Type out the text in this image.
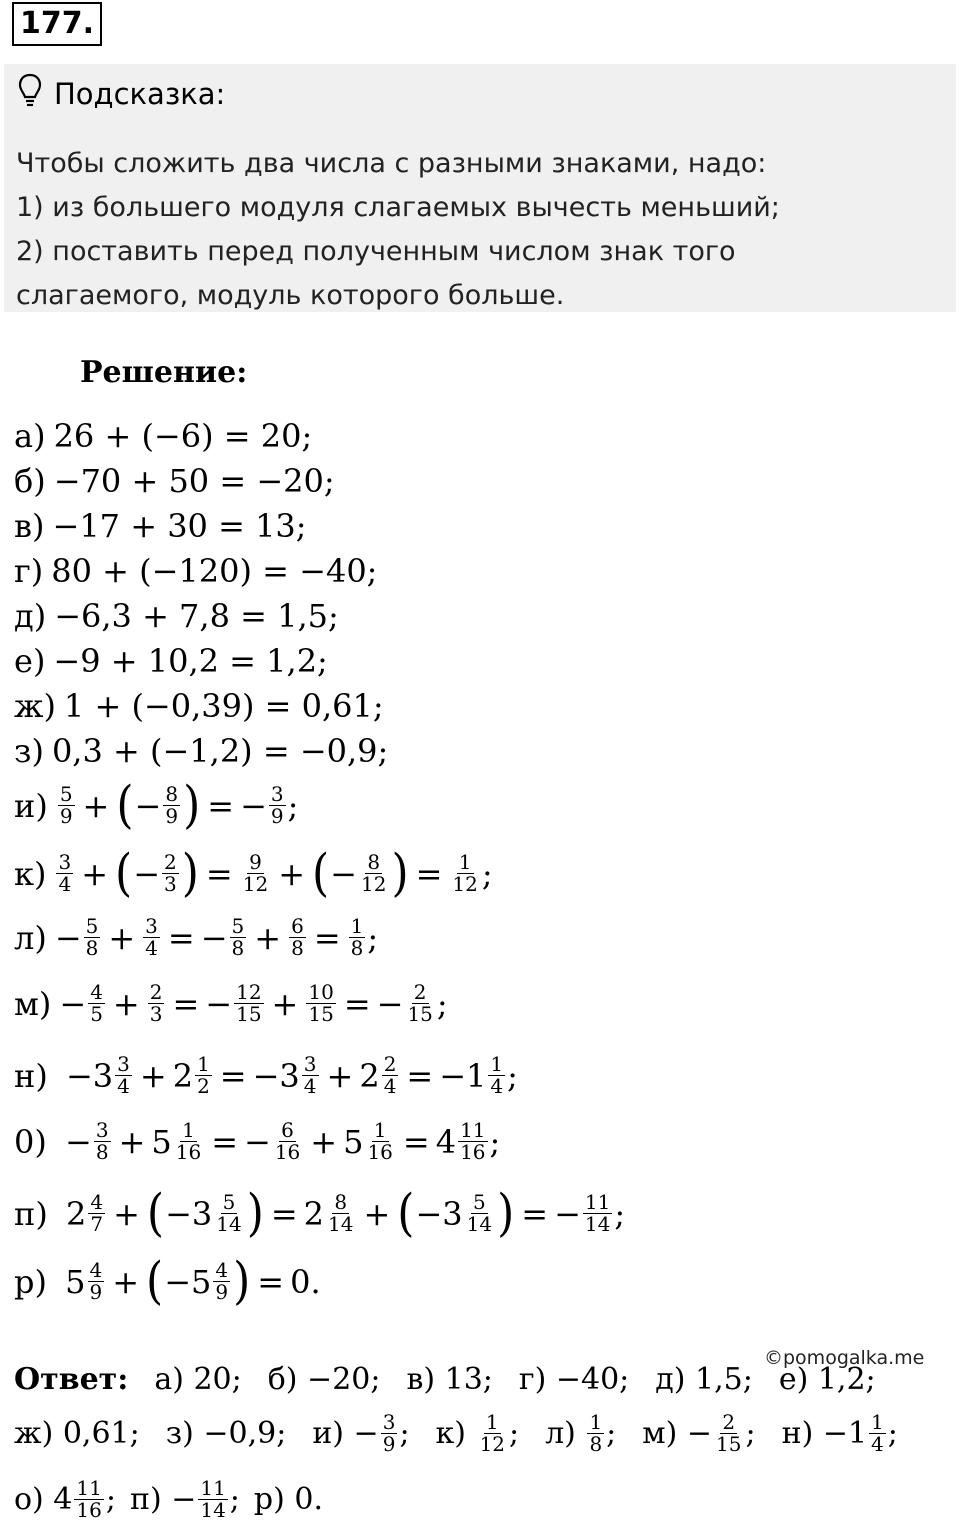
177.
Подсказка:
Чтобы сложить два числа с разными знаками, надо:
1) из большего модуля слагаемых вычесть меньший;
2) поставить перед полученным числом знак того
слагаемого, модуль которого больше.
Решение:
а) 26 + (−6) = 20;
б) −70 + 50 = −20;
в) −17 + 30 = 13;
г) 80 + (−120) = −40;
д) −6,3 + 7,8 = 1,5;
е) −9 + 10,2 = 1,2;
ж) 1 + (−0,39) = 0,61;
з) 0,3 + (−1,2) = −0,9;
$и) \frac{5}{9}$ + ( − $\frac{8}{9}$ ) = − $\frac{3}{9}$ ;
$к) \frac{3}{4}$ + ( − $\frac{2}{3}$ ) = $\frac{9}{12}$ + ( − $\frac{8}{12}$ ) = $\frac{1}{12}$ ;
$л) - \frac{5}{8} + \frac{3}{4}$ = − $\frac{5}{8} + \frac{6}{8} = \frac{1}{8}$ ;
$м) - \frac{4}{5} + \frac{2}{3}$ = − $\frac{12}{15} + \frac{10}{15}$ = − $\frac{2}{15}$ ;
$н) -3 \frac{3}{4} + 2 \frac{1}{2} = -3 \frac{3}{4} + 2 \frac{2}{4} = -1 \frac{1}{4}$ ;
$0) - \frac{3}{8} + 5 \frac{1}{16}$ = − $\frac{6}{16} + 5 \frac{1}{16} = 4 \frac{11}{16}$ ;
п) $2 \frac{4}{7}$ + ( $-3 \frac{5}{14}$ ) = $2 \frac{8}{14}$ + ( $-3 \frac{5}{14}$ ) = − $\frac{11}{14}$ ;
р) $5 \frac{4}{9}$ + ( $-5 \frac{4}{9}$ ) = 0.
©pomogalka.me
Ответ: а) 20; б) −20; в) 13; г) −40; д) 1,5; е) 1,2;
ж) 0,61; з) −0,9; $и) - \frac{3}{9}$ ; к)
$\frac{1}{12}$ ; л)
$\frac{1}{8}$ ; $м) - \frac{2}{15}$ ; $н) -1 \frac{1}{4}$ ;
о) $4 \frac{11}{16}$ ; $п) - \frac{11}{14}$ ; р) 0.
